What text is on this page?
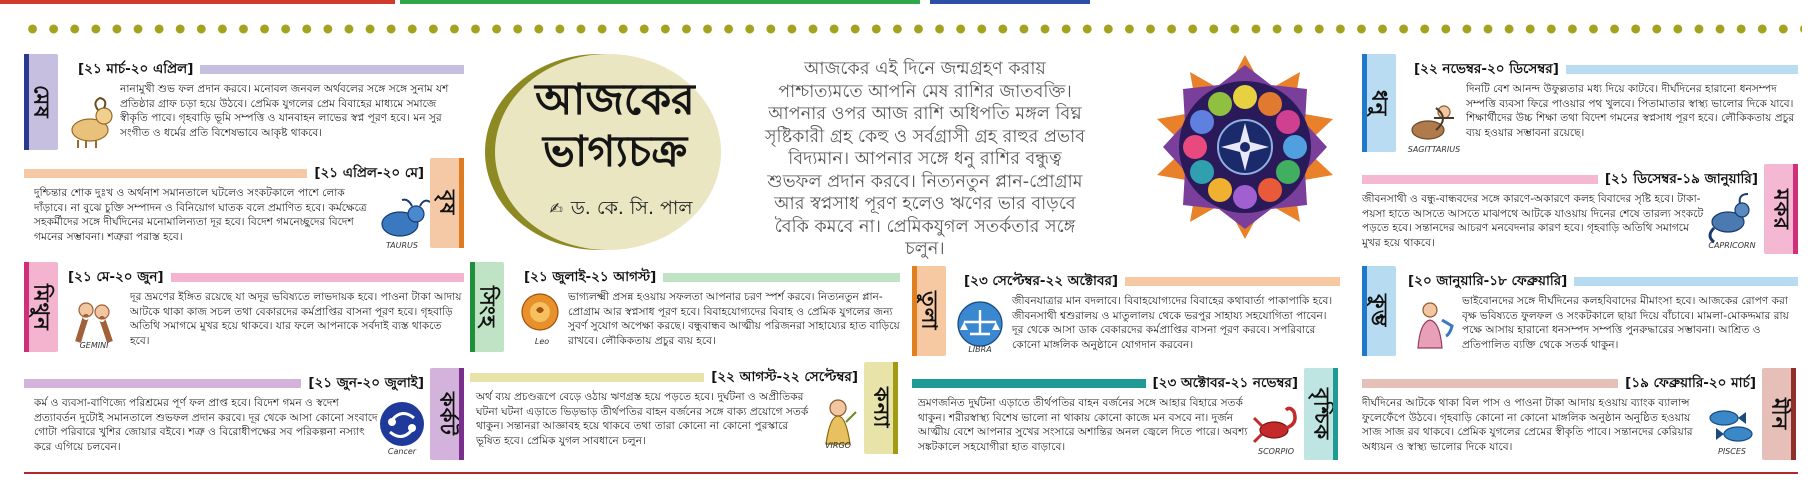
মেষ
[২১ মার্চ-২০ এপ্রিল]
নানামুখী শুভ ফল প্রদান করবে। মনোবল জনবল অর্থবলের সঙ্গে সঙ্গে সুনাম যশ প্রতিষ্ঠার গ্রাফ চড়া হয়ে উঠবে। প্রেমিক যুগলের প্রেম বিবাহের মাধ্যমে সমাজে স্বীকৃতি পাবে। গৃহবাড়ি ভূমি সম্পত্তি ও যানবাহন লাভের স্বপ্ন পূরণ হবে। মন সুর সংগীত ও ধর্মের প্রতি বিশেষভাবে আকৃষ্ট থাকবে।
বৃষ
[২১ এপ্রিল-২০ মে]
দুশ্চিন্তার শোক দুঃখ ও অর্থনাশ সমানতালে ঘটলেও সংকটকালে পাশে লোক দাঁড়াবে। না বুঝে চুক্তি সম্পাদন ও বিনিয়োগ ঘাতক বলে প্রমাণিত হবে। কর্মক্ষেত্রে সহকর্মীদের সঙ্গে দীর্ঘদিনের মনোমালিন্যতা দূর হবে। বিদেশ গমনেচ্ছুদের বিদেশ গমনের সম্ভাবনা। শত্রুরা পরাস্ত হবে।
TAURUS
মিথুন
[২১ মে-২০ জুন]
GEMINI
দূর ভ্রমণের ইঙ্গিত রয়েছে যা অদূর ভবিষ্যতে লাভদায়ক হবে। পাওনা টাকা আদায় আটকে থাকা কাজ সচল তথা বেকারদের কর্মপ্রাপ্তির বাসনা পূরণ হবে। গৃহবাড়ি অতিথি সমাগমে মুখর হয়ে থাকবে। যার ফলে আপনাকে সর্বদাই ব্যস্ত থাকতে হবে।
কর্কট
[২১ জুন-২০ জুলাই]
কর্ম ও ব্যবসা-বাণিজ্যে পরিশ্রমের পূর্ণ ফল প্রাপ্ত হবে। বিদেশ গমন ও স্বদেশ প্রত্যাবর্তন দুটোই সমানতালে শুভফল প্রদান করবে। দূর থেকে আসা কোনো সংবাদে গোটা পরিবারে খুশির জোয়ার বইবে। শত্রু ও বিরোধীপক্ষের সব পরিকল্পনা নস্যাৎ করে এগিয়ে চলবেন।	Cancer
আজকের
ভাগ্যচক্র
✍ ড. কে. সি. পাল
আজকের এই দিনে জন্মগ্রহণ করায় পাশ্চাত্যমতে আপনি মেষ রাশির জাতবক্তি। আপনার ওপর আজ রাশি অধিপতি মঙ্গল বিঘ্ন সৃষ্টিকারী গ্রহ কেহু ও সর্বগ্রাসী গ্রহ রাহুর প্রভাব বিদ্যমান। আপনার সঙ্গে ধনু রাশির বন্ধুত্ব শুভফল প্রদান করবে। নিত্যনতুন প্লান-প্রোগ্রাম আর স্বপ্নসাধ পূরণ হলেও ঋণের ভার বাড়বে বৈকি কমবে না। প্রেমিকযুগল সতর্কতার সঙ্গে চলুন।
সিংহ
[২১ জুলাই-২১ আগস্ট]
Leo
ভাগ্যলক্ষ্মী প্রসন্ন হওয়ায় সফলতা আপনার চরণ স্পর্শ করবে। নিত্যনতুন প্লান-প্রোগ্রাম আর স্বপ্নসাধ পূরণ হবে। বিবাহযোগ্যদের বিবাহ ও প্রেমিক যুগলের জন্য সুবর্ণ সুযোগ অপেক্ষা করছে। বন্ধুবান্ধব আত্মীয় পরিজনরা সাহায্যের হাত বাড়িয়ে রাখবে। লৌকিকতায় প্রচুর ব্যয় হবে।
কন্যা
[২২ আগস্ট-২২ সেপ্টেম্বর]
অর্থ ব্যয় প্রচণ্ডরূপে বেড়ে ওঠায় ঋণগ্রস্ত হয়ে পড়তে হবে। দুর্ঘটনা ও অপ্রীতিকর ঘটনা ঘটনা এড়াতে ভিড়ভাড় তীর্থপতির বাহন বর্জনের সঙ্গে বাক্য প্রয়োগে সতর্ক থাকুন। সন্তানরা আজ্ঞাবহ হয়ে থাকবে তথা তারা কোনো না কোনো পুরস্কারে ভূষিত হবে। প্রেমিক যুগল সাবধানে চলুন।	VIRGO
তুলা
[২৩ সেপ্টেম্বর-২২ অক্টোবর]
LIBRA
জীবনযাত্রার মান বদলাবে। বিবাহযোগ্যদের বিবাহের কথাবার্তা পাকাপাকি হবে। জীবনসাথী শ্বশুরালয় ও মাতুলালয় থেকে ভরপুর সাহায্য সহযোগিতা পাবেন। দূর থেকে আসা ডাক বেকারদের কর্মপ্রাপ্তির বাসনা পূরণ করবে। সপরিবারে কোনো মাঙ্গলিক অনুষ্ঠানে যোগদান করবেন।
বৃশ্চিক
[২৩ অক্টোবর-২১ নভেম্বর]
ভ্রমণজনিত দুর্ঘটনা এড়াতে তীর্থপতির বাহন বর্জনের সঙ্গে আহার বিহারে সতর্ক থাকুন। শরীরস্বাস্থ্য বিশেষ ভালো না থাকায় কোনো কাজে মন বসবে না। দুর্জন আত্মীয় বেশে আপনার সুখের সংসারে অশান্তির অনল জ্বেলে দিতে পারে। অবশ্য সঙ্কটকালে সহযোগীরা হাত বাড়াবে।	SCORPIO
ধনু
[২২ নভেম্বর-২০ ডিসেম্বর]
SAGITTARIUS
দিনটি বেশ আনন্দ উফুল্লতার মধ্য দিয়ে কাটবে। দীর্ঘদিনের হারানো ধনসম্পদ সম্পত্তি ব্যবসা ফিরে পাওয়ার পথ খুলবে। পিতামাতার স্বাস্থ্য ভালোর দিকে যাবে। শিক্ষার্থীদের উচ্চ শিক্ষা তথা বিদেশ গমনের স্বপ্নসাধ পূরণ হবে। লৌকিকতায় প্রচুর ব্যয় হওয়ার সম্ভাবনা রয়েছে।
মকর
[২১ ডিসেম্বর-১৯ জানুয়ারি]
জীবনসাথী ও বন্ধু-বান্ধবদের সঙ্গে কারণে-অকারণে কলহ বিবাদের সৃষ্টি হবে। টাকা-পয়সা হাতে আসতে আসতে মাঝপথে আটকে যাওয়ায় দিনের শেষে তারল্য সংকটে পড়তে হবে। সন্তানদের আচরণ মনবেদনার কারণ হবে। গৃহবাড়ি অতিথি সমাগমে মুখর হয়ে থাকবে।	CAPRICORN
কুম্ভ
[২০ জানুয়ারি-১৮ ফেব্রুয়ারি]
ভাইবোনদের সঙ্গে দীর্ঘদিনের কলহবিবাদের মীমাংসা হবে। আজকের রোপণ করা বৃক্ষ ভবিষ্যতে ফুলফল ও সংকটকালে ছায়া দিয়ে বাঁচাবে। মামলা-মোকদ্দমার রায় পক্ষে আসায় হারানো ধনসম্পদ সম্পত্তি পুনরুদ্ধারের সম্ভাবনা। আশ্রিত ও প্রতিপালিত ব্যক্তি থেকে সতর্ক থাকুন।
মীন
[১৯ ফেব্রুয়ারি-২০ মার্চ]
দীর্ঘদিনের আটকে থাকা বিল পাস ও পাওনা টাকা আদায় হওয়ায় ব্যাংক ব্যালান্স ফুলেফেঁপে উঠবে। গৃহবাড়ি কোনো না কোনো মাঙ্গলিক অনুষ্ঠান অনুষ্ঠিত হওয়ায় সাজ সাজ রব থাকবে। প্রেমিক যুগলের প্রেমের স্বীকৃতি পাবে। সন্তানদের কেরিয়ার অধ্যয়ন ও স্বাস্থ্য ভালোর দিকে যাবে।	PISCES
